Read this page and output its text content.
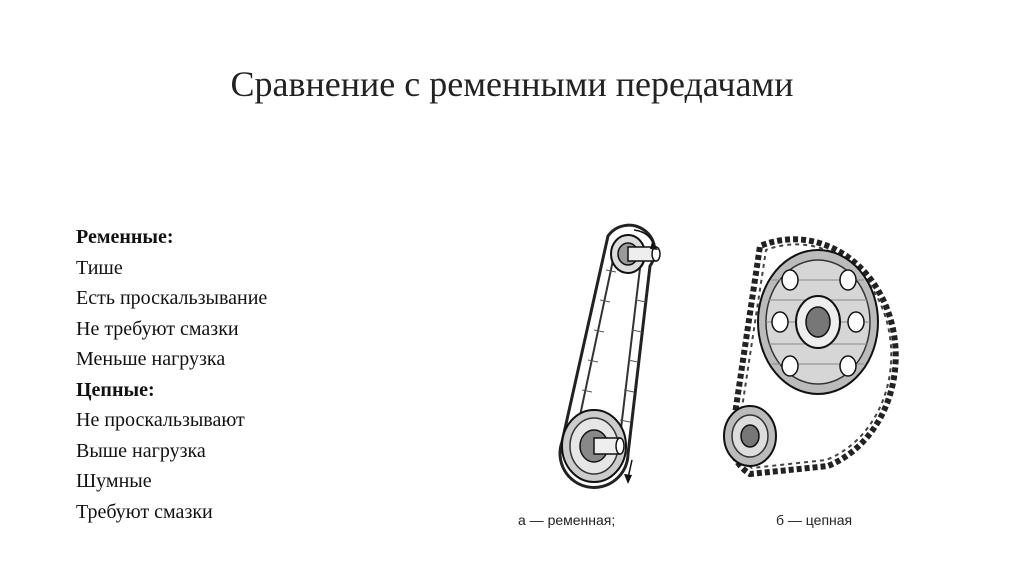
Сравнение с ременными передачами
Ременные:
Тише
Есть проскальзывание
Не требуют смазки
Меньше нагрузка
Цепные:
Не проскальзывают
Выше нагрузка
Шумные
Требуют смазки	а — ременная;	б — цепная
